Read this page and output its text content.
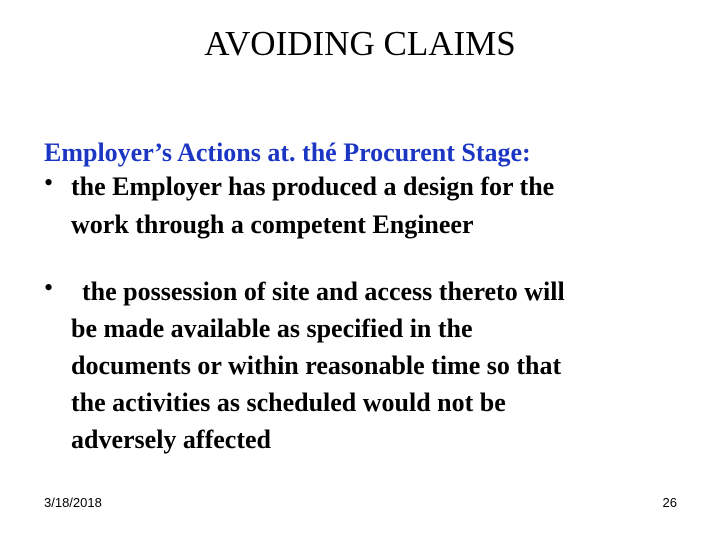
AVOIDING CLAIMS
Employer’s Actions at. thé Procurent Stage:
• the Employer has produced a design for the
work through a competent Engineer
•	the possession of site and access thereto will
be made available as specified in the
documents or within reasonable time so that
the activities as scheduled would not be
adversely affected
3/18/2018	26
